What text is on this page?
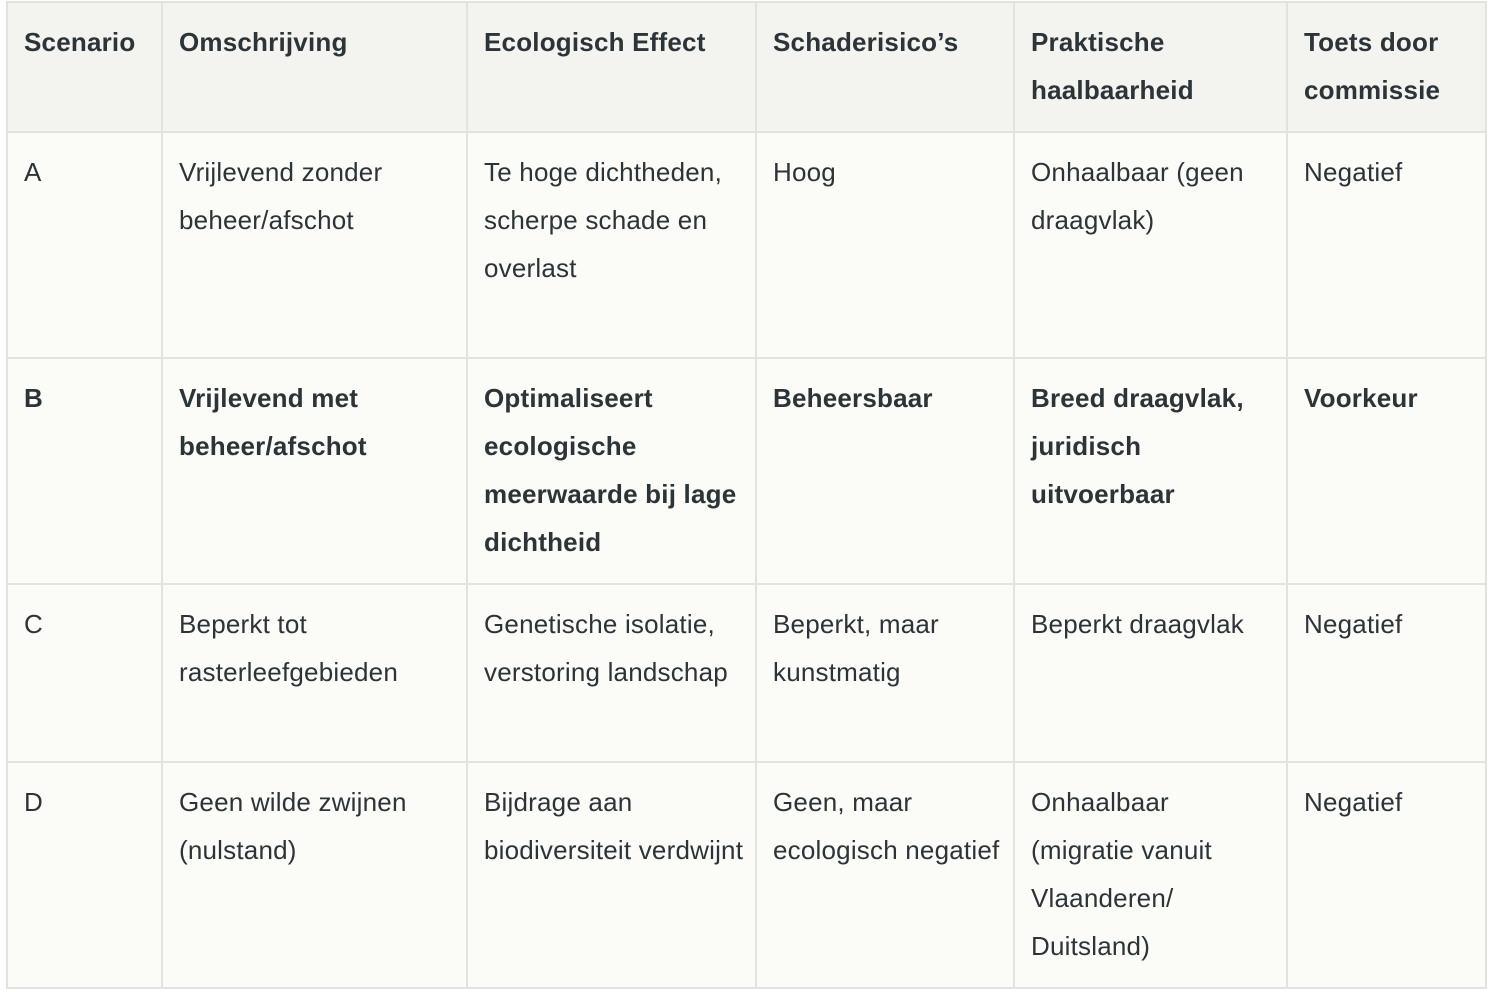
Scenario	Omschrijving	Ecologisch Effect	Schaderisico’s	Praktische haalbaarheid	Toets door commissie
A	Vrijlevend zonder beheer/afschot	Te hoge dichtheden, scherpe schade en overlast	Hoog	Onhaalbaar (geen draagvlak)	Negatief
B	Vrijlevend met beheer/afschot	Optimaliseert ecologische meerwaarde bij lage dichtheid	Beheersbaar	Breed draagvlak, juridisch uitvoerbaar	Voorkeur
C	Beperkt tot rasterleefgebieden	Genetische isolatie, verstoring landschap	Beperkt, maar kunstmatig	Beperkt draagvlak	Negatief
D	Geen wilde zwijnen (nulstand)	Bijdrage aan biodiversiteit verdwijnt	Geen, maar ecologisch negatief	Onhaalbaar (migratie vanuit Vlaanderen/ Duitsland)	Negatief
